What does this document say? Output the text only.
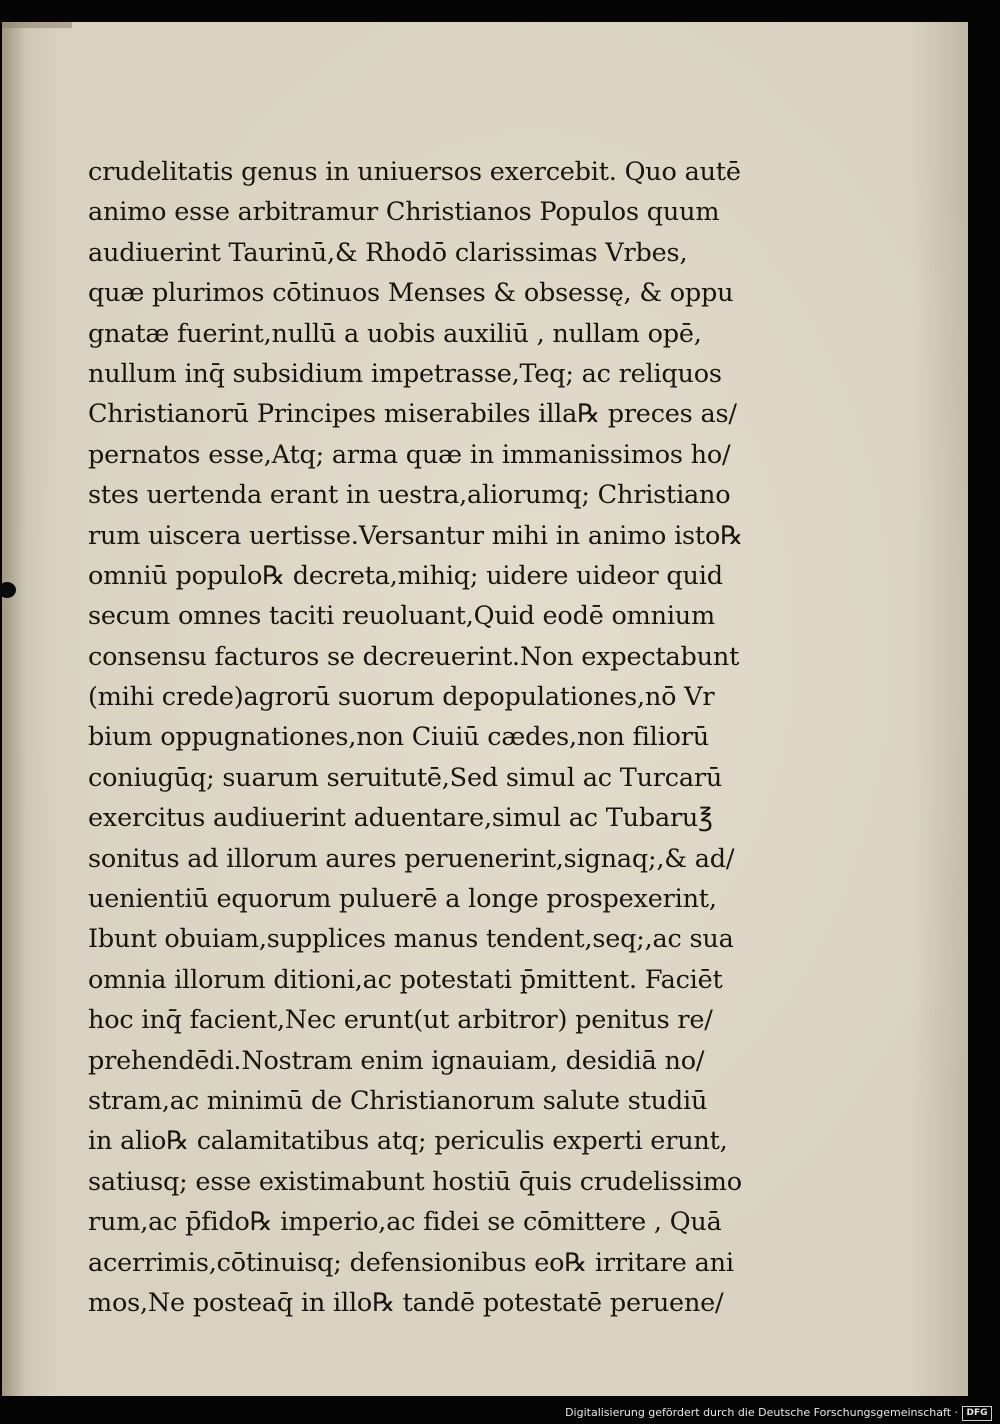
crudelitatis genus in uniuersos exercebit. Quo autē
animo esse arbitramur Christianos Populos quum
audiuerint Taurinū,& Rhodō clarissimas Vrbes,
quæ plurimos cōtinuos Menses & obsessę, & oppu
gnatæ fuerint,nullū a uobis auxiliū , nullam opē,
nullum inq̄ subsidium impetrasse,Teq; ac reliquos
Christianorū Principes miserabiles illa℞ preces as/
pernatos esse,Atq; arma quæ in immanissimos ho/
stes uertenda erant in uestra,aliorumq; Christiano
rum uiscera uertisse.Versantur mihi in animo isto℞
omniū populo℞ decreta,mihiq; uidere uideor quid
secum omnes taciti reuoluant,Quid eodē omnium
consensu facturos se decreuerint.Non expectabunt
(mihi crede)agrorū suorum depopulationes,nō Vr
bium oppugnationes,non Ciuiū cædes,non filiorū
coniugūq; suarum seruitutē,Sed simul ac Turcarū
exercitus audiuerint aduentare,simul ac Tubaru℥
sonitus ad illorum aures peruenerint,signaq;,& ad/
uenientiū equorum puluerē a longe prospexerint,
Ibunt obuiam,supplices manus tendent,seq;,ac sua
omnia illorum ditioni,ac potestati p̄mittent. Faciēt
hoc inq̄ facient,Nec erunt(ut arbitror) penitus re/
prehendēdi.Nostram enim ignauiam, desidiā no/
stram,ac minimū de Christianorum salute studiū
in alio℞ calamitatibus atq; periculis experti erunt,
satiusq; esse existimabunt hostiū q̄uis crudelissimo
rum,ac p̄fido℞ imperio,ac fidei se cōmittere , Quā
acerrimis,cōtinuisq; defensionibus eo℞ irritare ani
mos,Ne posteaq̄ in illo℞ tandē potestatē peruene/
Digitalisierung gefördert durch die Deutsche Forschungsgemeinschaft · DFG
